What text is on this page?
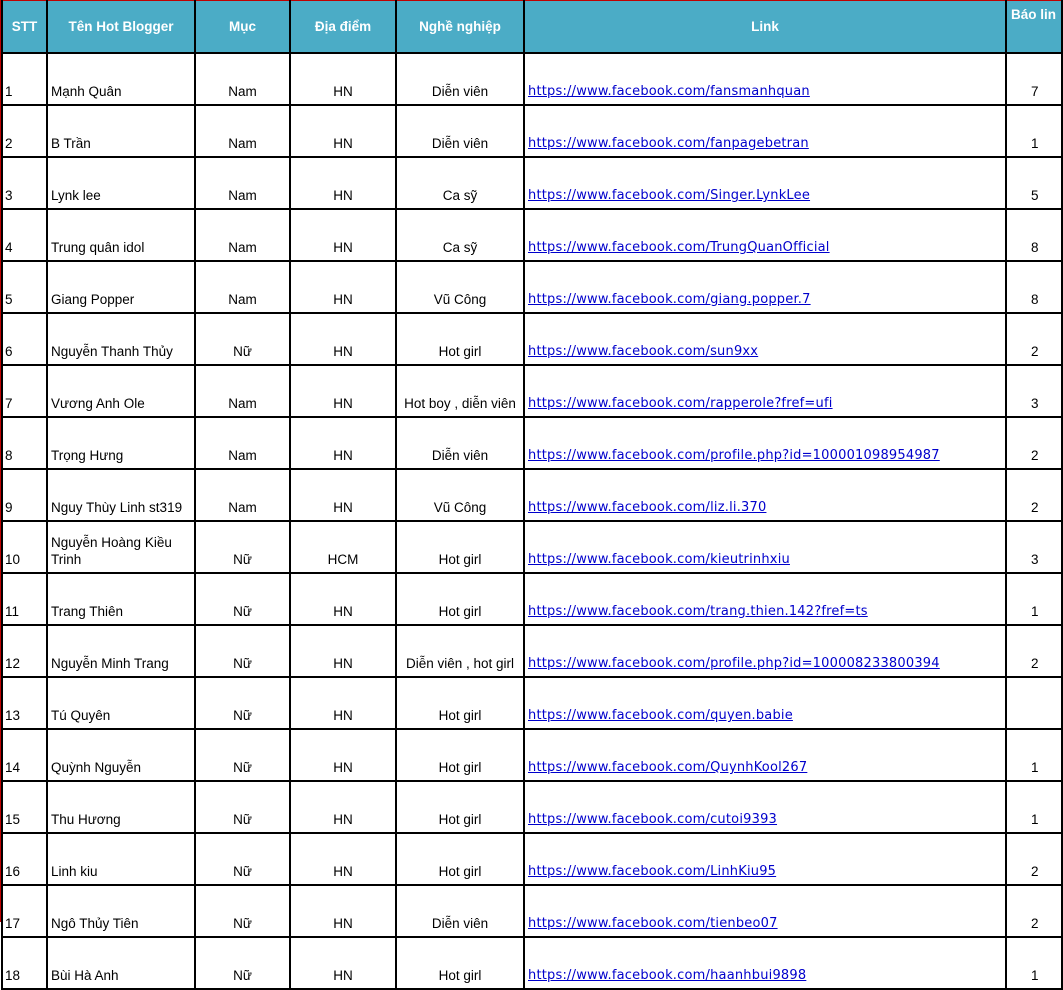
STT	Tên Hot Blogger	Mục	Địa điểm	Nghề nghiệp	Link	Báo lin
1	Mạnh Quân	Nam	HN	Diễn viên	https://www.facebook.com/fansmanhquan	7
2	B Trần	Nam	HN	Diễn viên	https://www.facebook.com/fanpagebetran	1
3	Lynk lee	Nam	HN	Ca sỹ	https://www.facebook.com/Singer.LynkLee	5
4	Trung quân idol	Nam	HN	Ca sỹ	https://www.facebook.com/TrungQuanOfficial	8
5	Giang Popper	Nam	HN	Vũ Công	https://www.facebook.com/giang.popper.7	8
6	Nguyễn Thanh Thủy	Nữ	HN	Hot girl	https://www.facebook.com/sun9xx	2
7	Vương Anh Ole	Nam	HN	Hot boy , diễn viên	https://www.facebook.com/rapperole?fref=ufi	3
8	Trọng Hưng	Nam	HN	Diễn viên	https://www.facebook.com/profile.php?id=100001098954987	2
9	Nguy Thùy Linh st319	Nam	HN	Vũ Công	https://www.facebook.com/liz.li.370	2
10	Nguyễn Hoàng Kiều Trinh	Nữ	HCM	Hot girl	https://www.facebook.com/kieutrinhxiu	3
11	Trang Thiên	Nữ	HN	Hot girl	https://www.facebook.com/trang.thien.142?fref=ts	1
12	Nguyễn Minh Trang	Nữ	HN	Diễn viên , hot girl	https://www.facebook.com/profile.php?id=100008233800394	2
13	Tú Quyên	Nữ	HN	Hot girl	https://www.facebook.com/quyen.babie	
14	Quỳnh Nguyễn	Nữ	HN	Hot girl	https://www.facebook.com/QuynhKool267	1
15	Thu Hương	Nữ	HN	Hot girl	https://www.facebook.com/cutoi9393	1
16	Linh kiu	Nữ	HN	Hot girl	https://www.facebook.com/LinhKiu95	2
17	Ngô Thủy Tiên	Nữ	HN	Diễn viên	https://www.facebook.com/tienbeo07	2
18	Bùi Hà Anh	Nữ	HN	Hot girl	https://www.facebook.com/haanhbui9898	1
